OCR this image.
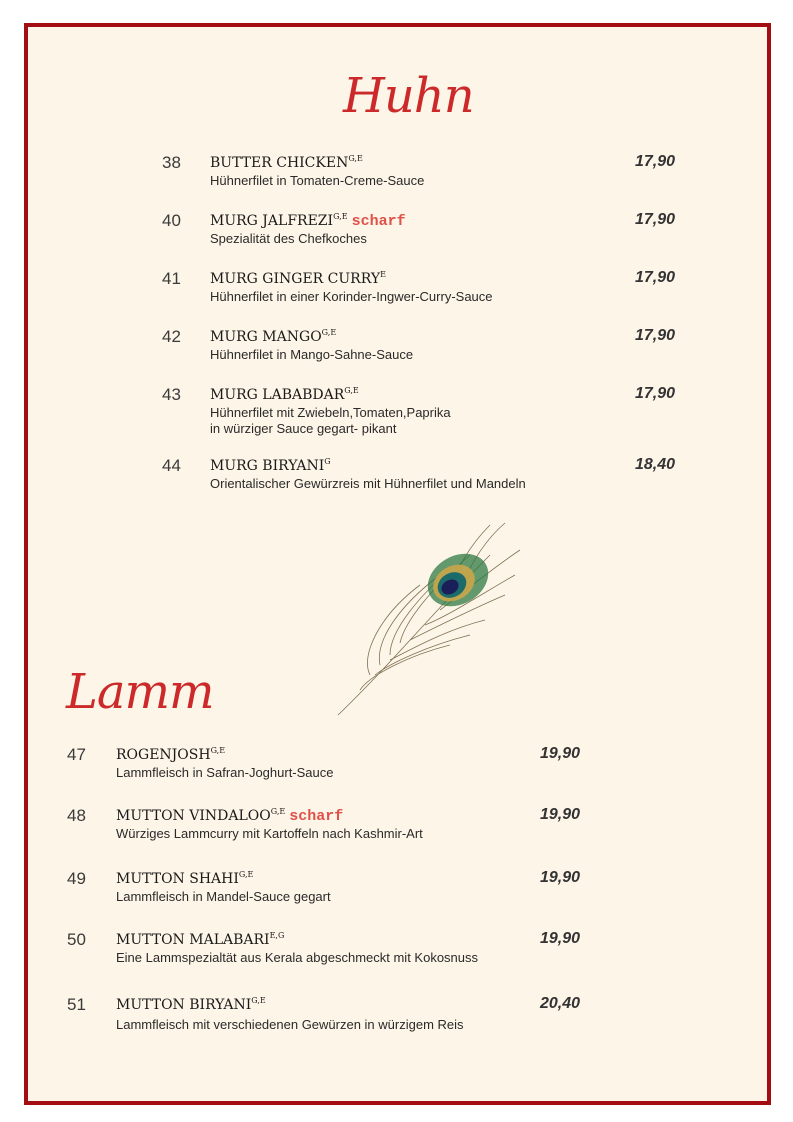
Huhn
38 BUTTER $CHICKEN^{G,E}$
Hühnerfilet in Tomaten-Creme-Sauce
17,90
40 MURG $JALFREZI^{G,E}$ scharf
Spezialität des Chefkoches
17,90
41 MURG GINGER $CURRY^E$
Hühnerfilet in einer Korinder-Ingwer-Curry-Sauce
17,90
42 MURG $MANGO^{G,E}$
Hühnerfilet in Mango-Sahne-Sauce
17,90
43 MURG $LABABDAR^{G,E}$
Hühnerfilet mit Zwiebeln,Tomaten,Paprika
in würziger Sauce gegart- pikant
17,90
44 MURG $BIRYANI^G$
Orientalischer Gewürzreis mit Hühnerfilet und Mandeln
18,40
Lamm
47 $ROGENJOSH^{G,E}$
Lammfleisch in Safran-Joghurt-Sauce
19,90
48 MUTTON $VINDALOO^{G,E}$ scharf
Würziges Lammcurry mit Kartoffeln nach Kashmir-Art
19,90
49 MUTTON $SHAHI^{G,E}$
Lammfleisch in Mandel-Sauce gegart
19,90
50 MUTTON $MALABARI^{E,G}$
Eine Lammspezialtät aus Kerala abgeschmeckt mit Kokosnuss
19,90
51 MUTTON $BIRYANI^{G,E}$
Lammfleisch mit verschiedenen Gewürzen in würzigem Reis
20,40
